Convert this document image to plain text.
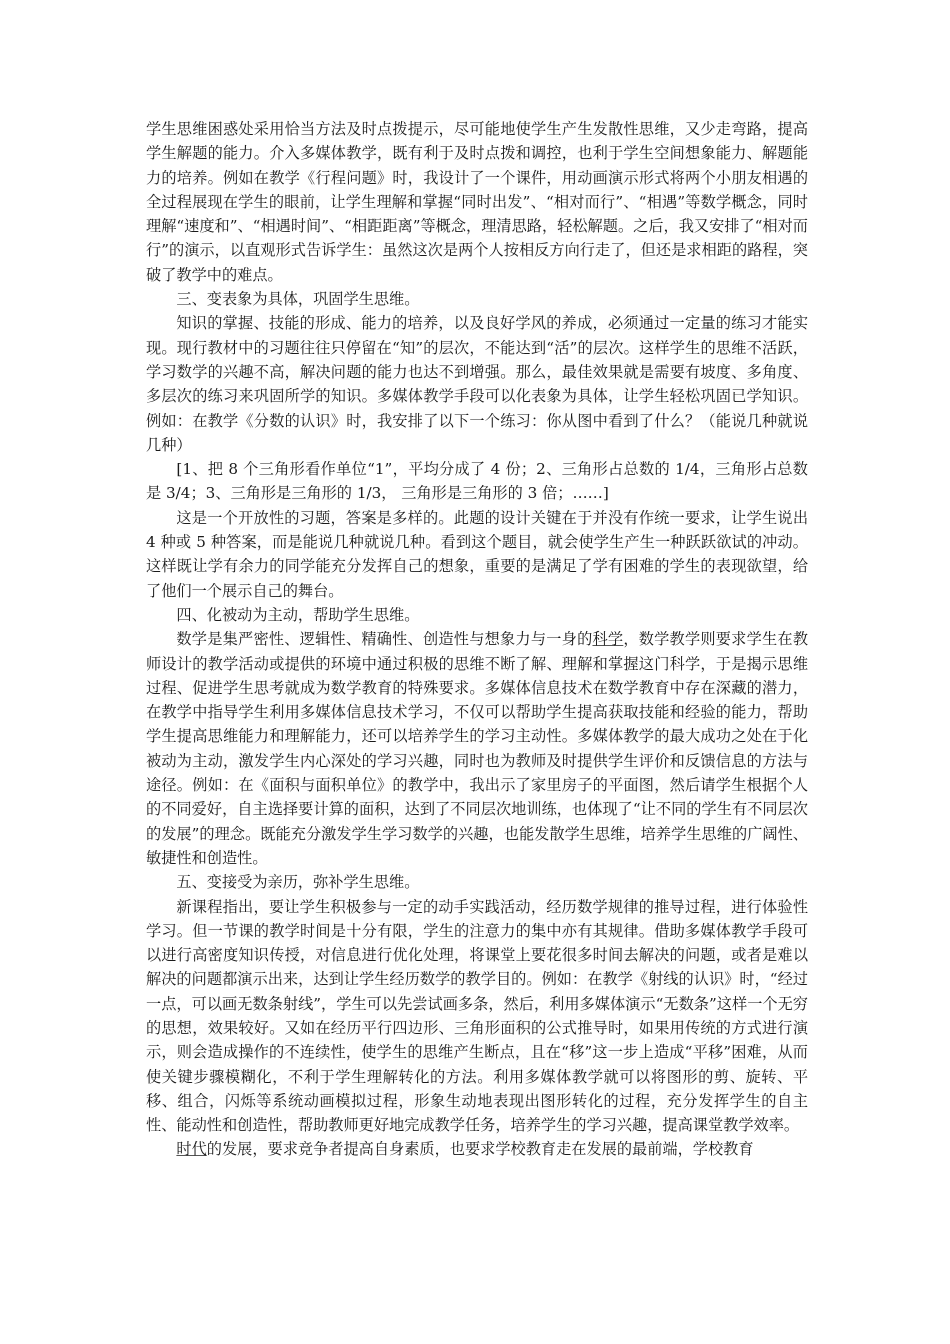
学生思维困惑处采用恰当方法及时点拨提示，尽可能地使学生产生发散性思维，又少走弯路，提高学生解题的能力。介入多媒体教学，既有利于及时点拨和调控，也利于学生空间想象能力、解题能力的培养。例如在教学《行程问题》时，我设计了一个课件，用动画演示形式将两个小朋友相遇的全过程展现在学生的眼前，让学生理解和掌握“同时出发”、“相对而行”、“相遇”等数学概念，同时理解“速度和”、“相遇时间”、“相距距离”等概念，理清思路，轻松解题。之后，我又安排了“相对而行”的演示，以直观形式告诉学生：虽然这次是两个人按相反方向行走了，但还是求相距的路程，突破了教学中的难点。

三、变表象为具体，巩固学生思维。

知识的掌握、技能的形成、能力的培养，以及良好学风的养成，必须通过一定量的练习才能实现。现行教材中的习题往往只停留在“知”的层次，不能达到“活”的层次。这样学生的思维不活跃，学习数学的兴趣不高，解决问题的能力也达不到增强。那么，最佳效果就是需要有坡度、多角度、多层次的练习来巩固所学的知识。多媒体教学手段可以化表象为具体，让学生轻松巩固已学知识。例如：在教学《分数的认识》时，我安排了以下一个练习：你从图中看到了什么？（能说几种就说几种）

[1、把 8 个三角形看作单位“1”，平均分成了 4 份；2、三角形占总数的 1/4，三角形占总数是 3/4；3、三角形是三角形的 1/3， 三角形是三角形的 3 倍；……]

这是一个开放性的习题，答案是多样的。此题的设计关键在于并没有作统一要求，让学生说出 4 种或 5 种答案，而是能说几种就说几种。看到这个题目，就会使学生产生一种跃跃欲试的冲动。这样既让学有余力的同学能充分发挥自己的想象，重要的是满足了学有困难的学生的表现欲望，给了他们一个展示自己的舞台。

四、化被动为主动，帮助学生思维。

数学是集严密性、逻辑性、精确性、创造性与想象力与一身的科学，数学教学则要求学生在教师设计的教学活动或提供的环境中通过积极的思维不断了解、理解和掌握这门科学，于是揭示思维过程、促进学生思考就成为数学教育的特殊要求。多媒体信息技术在数学教育中存在深藏的潜力，在教学中指导学生利用多媒体信息技术学习，不仅可以帮助学生提高获取技能和经验的能力，帮助学生提高思维能力和理解能力，还可以培养学生的学习主动性。多媒体教学的最大成功之处在于化被动为主动，激发学生内心深处的学习兴趣，同时也为教师及时提供学生评价和反馈信息的方法与途径。例如：在《面积与面积单位》的教学中，我出示了家里房子的平面图，然后请学生根据个人的不同爱好，自主选择要计算的面积，达到了不同层次地训练，也体现了“让不同的学生有不同层次的发展”的理念。既能充分激发学生学习数学的兴趣，也能发散学生思维，培养学生思维的广阔性、敏捷性和创造性。

五、变接受为亲历，弥补学生思维。

新课程指出，要让学生积极参与一定的动手实践活动，经历数学规律的推导过程，进行体验性学习。但一节课的教学时间是十分有限，学生的注意力的集中亦有其规律。借助多媒体教学手段可以进行高密度知识传授，对信息进行优化处理，将课堂上要花很多时间去解决的问题，或者是难以解决的问题都演示出来，达到让学生经历数学的教学目的。例如：在教学《射线的认识》时，“经过一点，可以画无数条射线”，学生可以先尝试画多条，然后，利用多媒体演示“无数条”这样一个无穷的思想，效果较好。又如在经历平行四边形、三角形面积的公式推导时，如果用传统的方式进行演示，则会造成操作的不连续性，使学生的思维产生断点，且在“移”这一步上造成“平移”困难，从而使关键步骤模糊化，不利于学生理解转化的方法。利用多媒体教学就可以将图形的剪、旋转、平移、组合，闪烁等系统动画模拟过程，形象生动地表现出图形转化的过程，充分发挥学生的自主性、能动性和创造性，帮助教师更好地完成教学任务，培养学生的学习兴趣，提高课堂教学效率。

时代的发展，要求竞争者提高自身素质，也要求学校教育走在发展的最前端，学校教育
